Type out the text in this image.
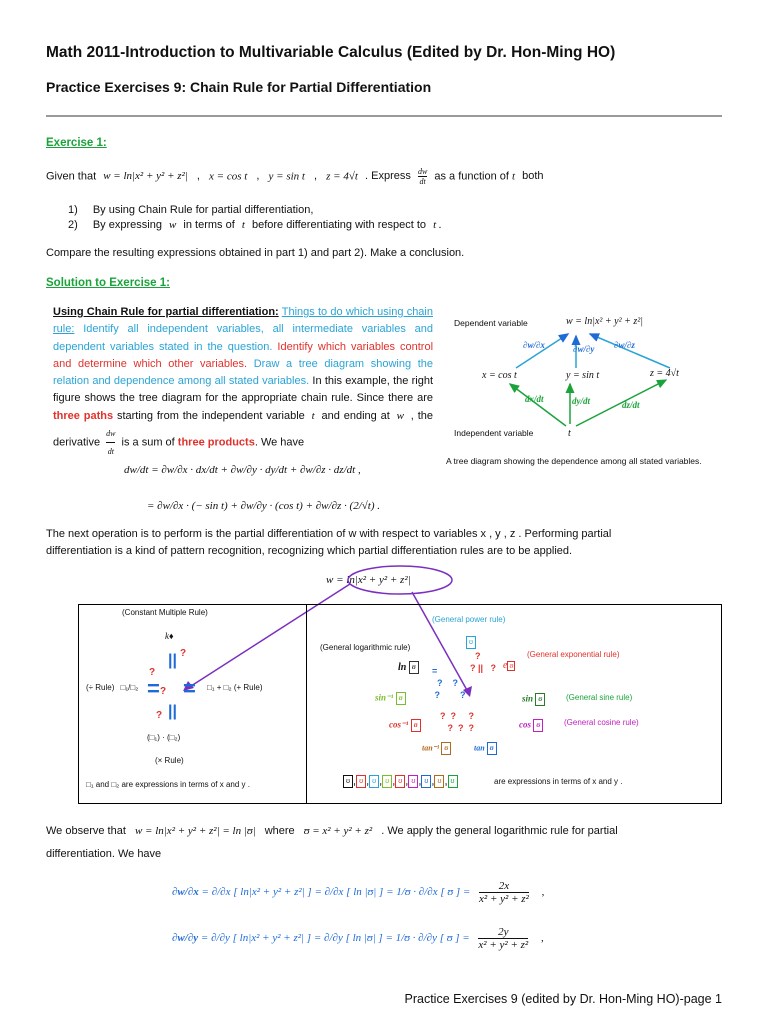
Math 2011-Introduction to Multivariable Calculus (Edited by Dr. Hon-Ming HO)
Practice Exercises 9: Chain Rule for Partial Differentiation
Exercise 1:
Given that w = ln|x² + y² + z²| , x = cos t , y = sin t , z = 4√t . Express $\frac{dw}{dt}$ as a function of t both
1) By using Chain Rule for partial differentiation,
2) By expressing w in terms of t before differentiating with respect to t .
Compare the resulting expressions obtained in part 1) and part 2). Make a conclusion.
Solution to Exercise 1:
Using Chain Rule for partial differentiation: Things to do which using chain rule: Identify all independent variables, all intermediate variables and dependent variables stated in the question. Identify which variables control and determine which other variables. Draw a tree diagram showing the relation and dependence among all stated variables. In this example, the right figure shows the tree diagram for the appropriate chain rule. Since there are three paths starting from the independent variable t and ending at w , the derivative $\frac{dw}{dt}$ is a sum of three products. We have
dw/dt = ∂w/∂x · dx/dt + ∂w/∂y · dy/dt + ∂w/∂z · dz/dt ,
= ∂w/∂x · (− sin t) + ∂w/∂y · (cos t) + ∂w/∂z · (2/√t) .
Dependent variable	w = ln|x² + y² + z²|
∂w/∂x	∂w/∂y ∂w/∂z
x = cos t	y = sin t	z = 4√t
dx/dt	dy/dt	dz/dt
Independent variable	t
A tree diagram showing the dependence among all stated variables.
The next operation is to perform is the partial differentiation of w with respect to variables x , y , z . Performing partial
differentiation is a kind of pattern recognition, recognizing which partial differentiation rules are to be applied.
w = ln|x² + y² + z²|
(Constant Multiple Rule)
k♦
|| ?
?
= =
?
(÷ Rule) □₁/□₂	□₁ + □₂ (+ Rule)
||
?
(□₁) · (□₂)
(× Rule)
□₁ and □₂ are expressions in terms of x and y .
(General power rule)
ʊ
(General logarithmic rule)
(General exponential rule)
ln ʊ	e ʊ
sin⁻¹ ʊ	sin ʊ	(General sine rule)
cos⁻¹ ʊ	cos ʊ	(General cosine rule)
tan⁻¹ ʊ	tan ʊ
?
? ||   ?
=
?    ?
?        ?
?  ?     ?
?  ?  ?
ʊ , ʊ , ʊ , ʊ , ʊ , ʊ , ʊ , ʊ , ʊ	are expressions in terms of x and y .
We observe that w = ln|x² + y² + z²| = ln |ʊ| where ʊ = x² + y² + z² . We apply the general logarithmic rule for partial
differentiation. We have
∂w/∂x = ∂/∂x [ ln|x² + y² + z²| ] = ∂/∂x [ ln |ʊ| ] = 1/ʊ · ∂/∂x [ ʊ ] = $\frac{2x}{\text{x² + y² + z²}}$ ,
∂w/∂y = ∂/∂y [ ln|x² + y² + z²| ] = ∂/∂y [ ln |ʊ| ] = 1/ʊ · ∂/∂y [ ʊ ] = $\frac{2y}{\text{x² + y² + z²}}$ ,
Practice Exercises 9 (edited by Dr. Hon-Ming HO)-page 1
